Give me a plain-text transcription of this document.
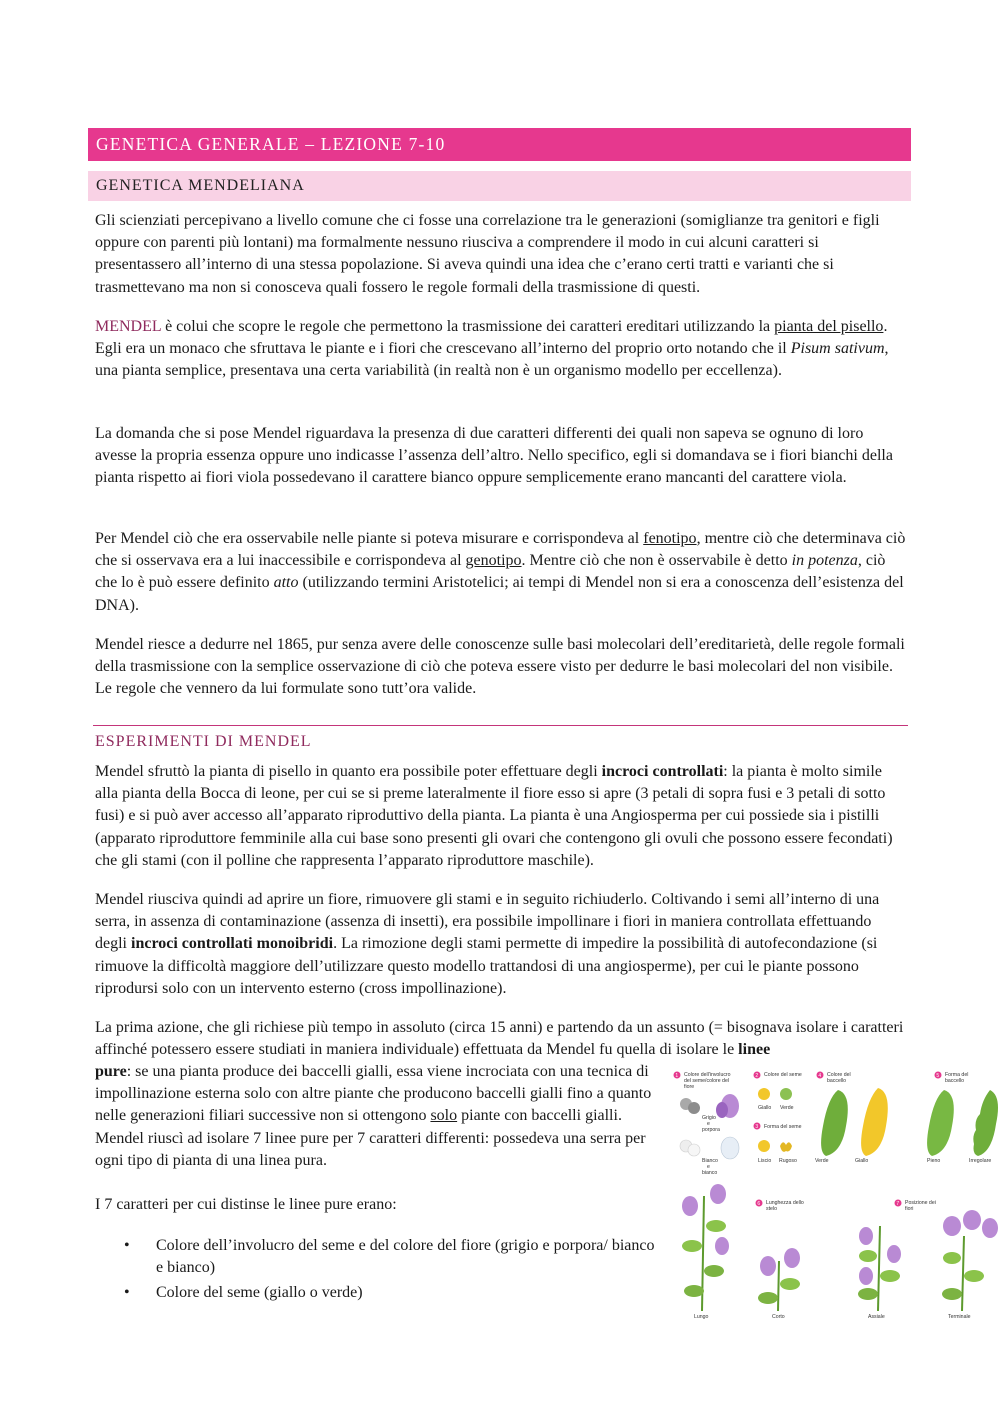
GENETICA GENERALE – LEZIONE 7-10
GENETICA MENDELIANA

Gli scienziati percepivano a livello comune che ci fosse una correlazione tra le generazioni (somiglianze tra genitori e figli oppure con parenti più lontani) ma formalmente nessuno riusciva a comprendere il modo in cui alcuni caratteri si presentassero all’interno di una stessa popolazione. Si aveva quindi una idea che c’erano certi tratti e varianti che si trasmettevano ma non si conosceva quali fossero le regole formali della trasmissione di questi.

MENDEL è colui che scopre le regole che permettono la trasmissione dei caratteri ereditari utilizzando la pianta del pisello. Egli era un monaco che sfruttava le piante e i fiori che crescevano all’interno del proprio orto notando che il Pisum sativum, una pianta semplice, presentava una certa variabilità (in realtà non è un organismo modello per eccellenza).

La domanda che si pose Mendel riguardava la presenza di due caratteri differenti dei quali non sapeva se ognuno di loro avesse la propria essenza oppure uno indicasse l’assenza dell’altro. Nello specifico, egli si domandava se i fiori bianchi della pianta rispetto ai fiori viola possedevano il carattere bianco oppure semplicemente erano mancanti del carattere viola.

Per Mendel ciò che era osservabile nelle piante si poteva misurare e corrispondeva al fenotipo, mentre ciò che determinava ciò che si osservava era a lui inaccessibile e corrispondeva al genotipo. Mentre ciò che non è osservabile è detto in potenza, ciò che lo è può essere definito atto (utilizzando termini Aristotelici; ai tempi di Mendel non si era a conoscenza dell’esistenza del DNA).

Mendel riesce a dedurre nel 1865, pur senza avere delle conoscenze sulle basi molecolari dell’ereditarietà, delle regole formali della trasmissione con la semplice osservazione di ciò che poteva essere visto per dedurre le basi molecolari del non visibile. Le regole che vennero da lui formulate sono tutt’ora valide.

ESPERIMENTI DI MENDEL

Mendel sfruttò la pianta di pisello in quanto era possibile poter effettuare degli incroci controllati: la pianta è molto simile alla pianta della Bocca di leone, per cui se si preme lateralmente il fiore esso si apre (3 petali di sopra fusi e 3 petali di sotto fusi) e si può aver accesso all’apparato riproduttivo della pianta. La pianta è una Angiosperma per cui possiede sia i pistilli (apparato riproduttore femminile alla cui base sono presenti gli ovari che contengono gli ovuli che possono essere fecondati) che gli stami (con il polline che rappresenta l’apparato riproduttore maschile).

Mendel riusciva quindi ad aprire un fiore, rimuovere gli stami e in seguito richiuderlo. Coltivando i semi all’interno di una serra, in assenza di contaminazione (assenza di insetti), era possibile impollinare i fiori in maniera controllata effettuando degli incroci controllati monoibridi. La rimozione degli stami permette di impedire la possibilità di autofecondazione (si rimuove la difficoltà maggiore dell’utilizzare questo modello trattandosi di una angiosperme), per cui le piante possono riprodursi solo con un intervento esterno (cross impollinazione).

La prima azione, che gli richiese più tempo in assoluto (circa 15 anni) e partendo da un assunto (= bisognava isolare i caratteri affinché potessero essere studiati in maniera individuale) effettuata da Mendel fu quella di isolare le linee

pure: se una pianta produce dei baccelli gialli, essa viene incrociata con una tecnica di impollinazione esterna solo con altre piante che producono baccelli gialli fino a quanto nelle generazioni filiari successive non si ottengono solo piante con baccelli gialli. Mendel riuscì ad isolare 7 linee pure per 7 caratteri differenti: possedeva una serra per ogni tipo di pianta di una linea pura.

I 7 caratteri per cui distinse le linee pure erano:

• Colore dell’involucro del seme e del colore del fiore (grigio e porpora/ bianco e bianco)
• Colore del seme (giallo o verde)
1 Colore dell'involucro
del seme/colore del
fiore
Grigio
e
porpora
Bianco
e
bianco
2 Colore del seme
Giallo Verde
3 Forma del seme
Liscio Rugoso
4 Colore del
baccello
Verde	Giallo
5 Forma del
baccello
Pieno	Irregolare
6 Lunghezza dello
stelo
Lungo	Corto
7 Posizione dei
fiori
Assiale	Terminale
